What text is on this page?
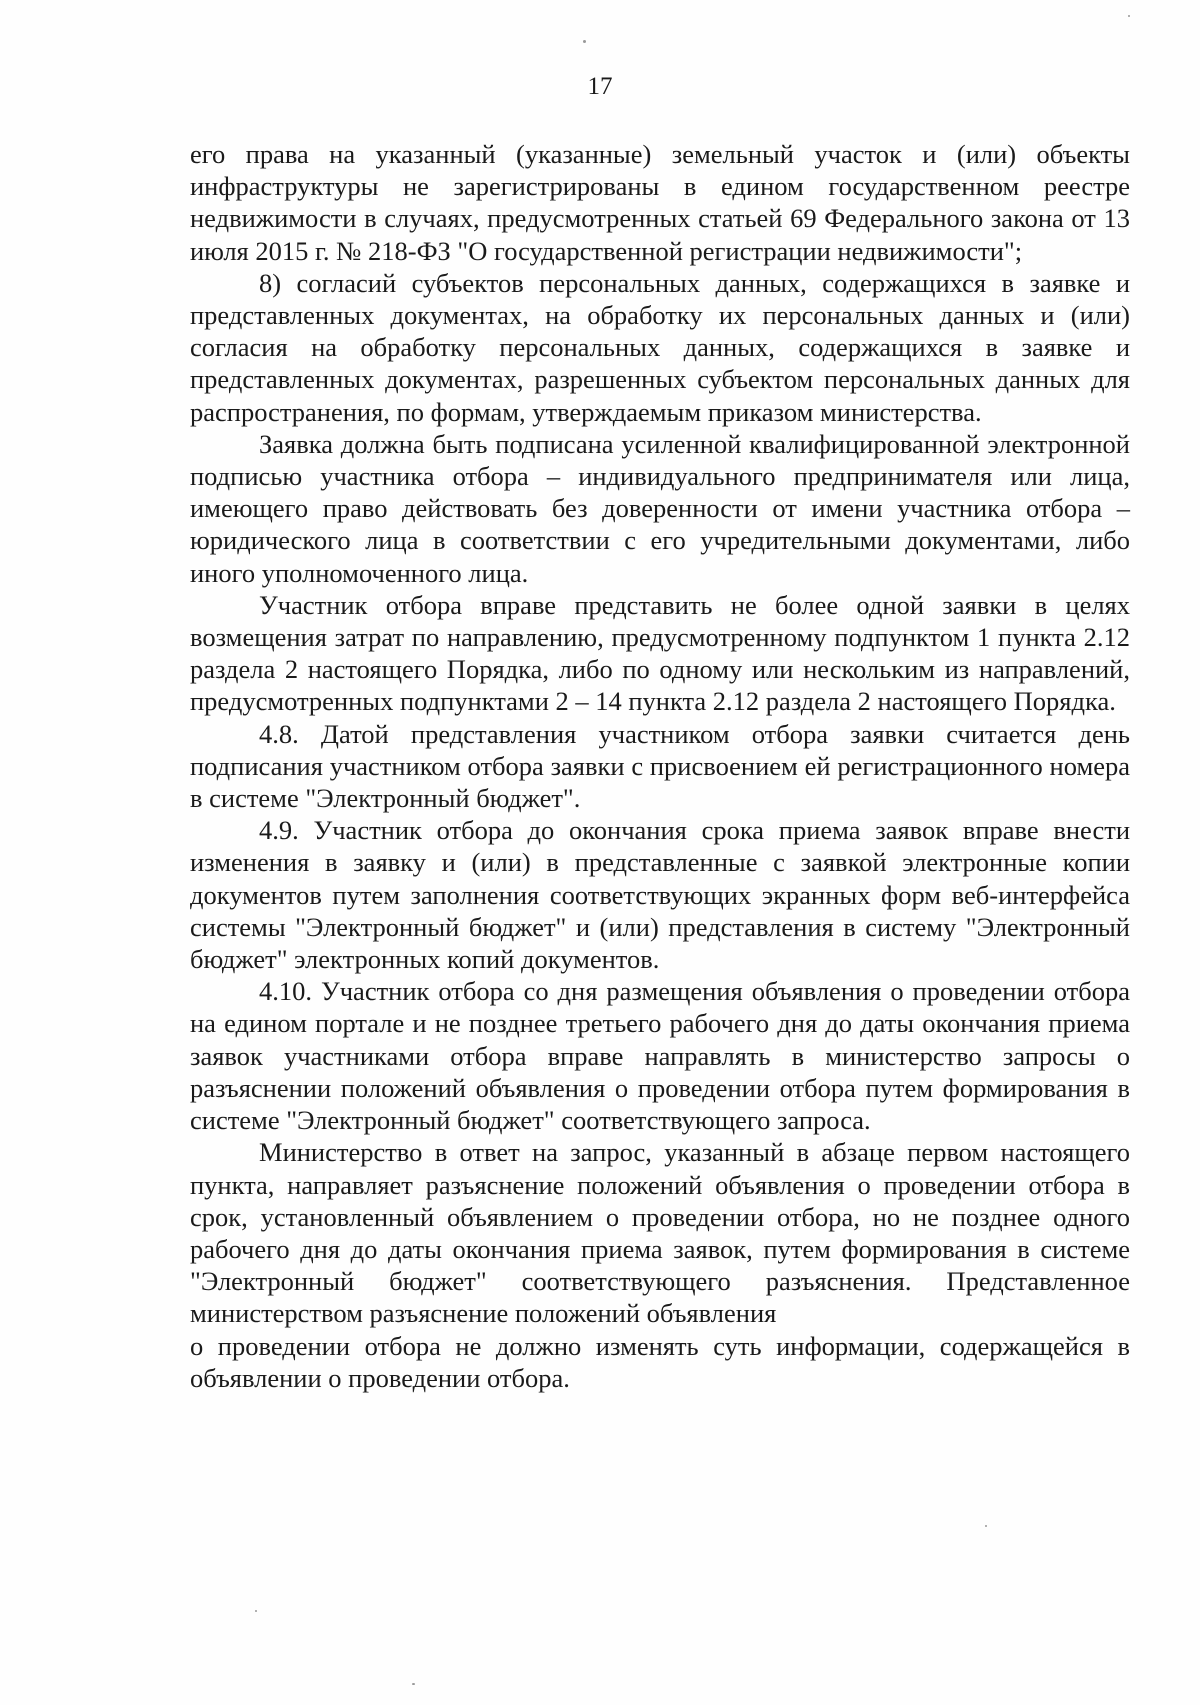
17

его права на указанный (указанные) земельный участок и (или) объекты инфраструктуры не зарегистрированы в едином государственном реестре недвижимости в случаях, предусмотренных статьей 69 Федерального закона от 13 июля 2015 г. № 218-ФЗ "О государственной регистрации недвижимости";

8) согласий субъектов персональных данных, содержащихся в заявке и представленных документах, на обработку их персональных данных и (или) согласия на обработку персональных данных, содержащихся в заявке и представленных документах, разрешенных субъектом персональных данных для распространения, по формам, утверждаемым приказом министерства.

Заявка должна быть подписана усиленной квалифицированной электронной подписью участника отбора – индивидуального предпринимателя или лица, имеющего право действовать без доверенности от имени участника отбора – юридического лица в соответствии с его учредительными документами, либо иного уполномоченного лица.

Участник отбора вправе представить не более одной заявки в целях возмещения затрат по направлению, предусмотренному подпунктом 1 пункта 2.12 раздела 2 настоящего Порядка, либо по одному или нескольким из направлений, предусмотренных подпунктами 2 – 14 пункта 2.12 раздела 2 настоящего Порядка.

4.8. Датой представления участником отбора заявки считается день подписания участником отбора заявки с присвоением ей регистрационного номера в системе "Электронный бюджет".

4.9. Участник отбора до окончания срока приема заявок вправе внести изменения в заявку и (или) в представленные с заявкой электронные копии документов путем заполнения соответствующих экранных форм веб-интерфейса системы "Электронный бюджет" и (или) представления в систему "Электронный бюджет" электронных копий документов.

4.10. Участник отбора со дня размещения объявления о проведении отбора на едином портале и не позднее третьего рабочего дня до даты окончания приема заявок участниками отбора вправе направлять в министерство запросы о разъяснении положений объявления о проведении отбора путем формирования в системе "Электронный бюджет" соответствующего запроса.

Министерство в ответ на запрос, указанный в абзаце первом настоящего пункта, направляет разъяснение положений объявления о проведении отбора в срок, установленный объявлением о проведении отбора, но не позднее одного рабочего дня до даты окончания приема заявок, путем формирования в системе "Электронный бюджет" соответствующего разъяснения. Представленное министерством разъяснение положений объявления

о проведении отбора не должно изменять суть информации, содержащейся в объявлении о проведении отбора.
